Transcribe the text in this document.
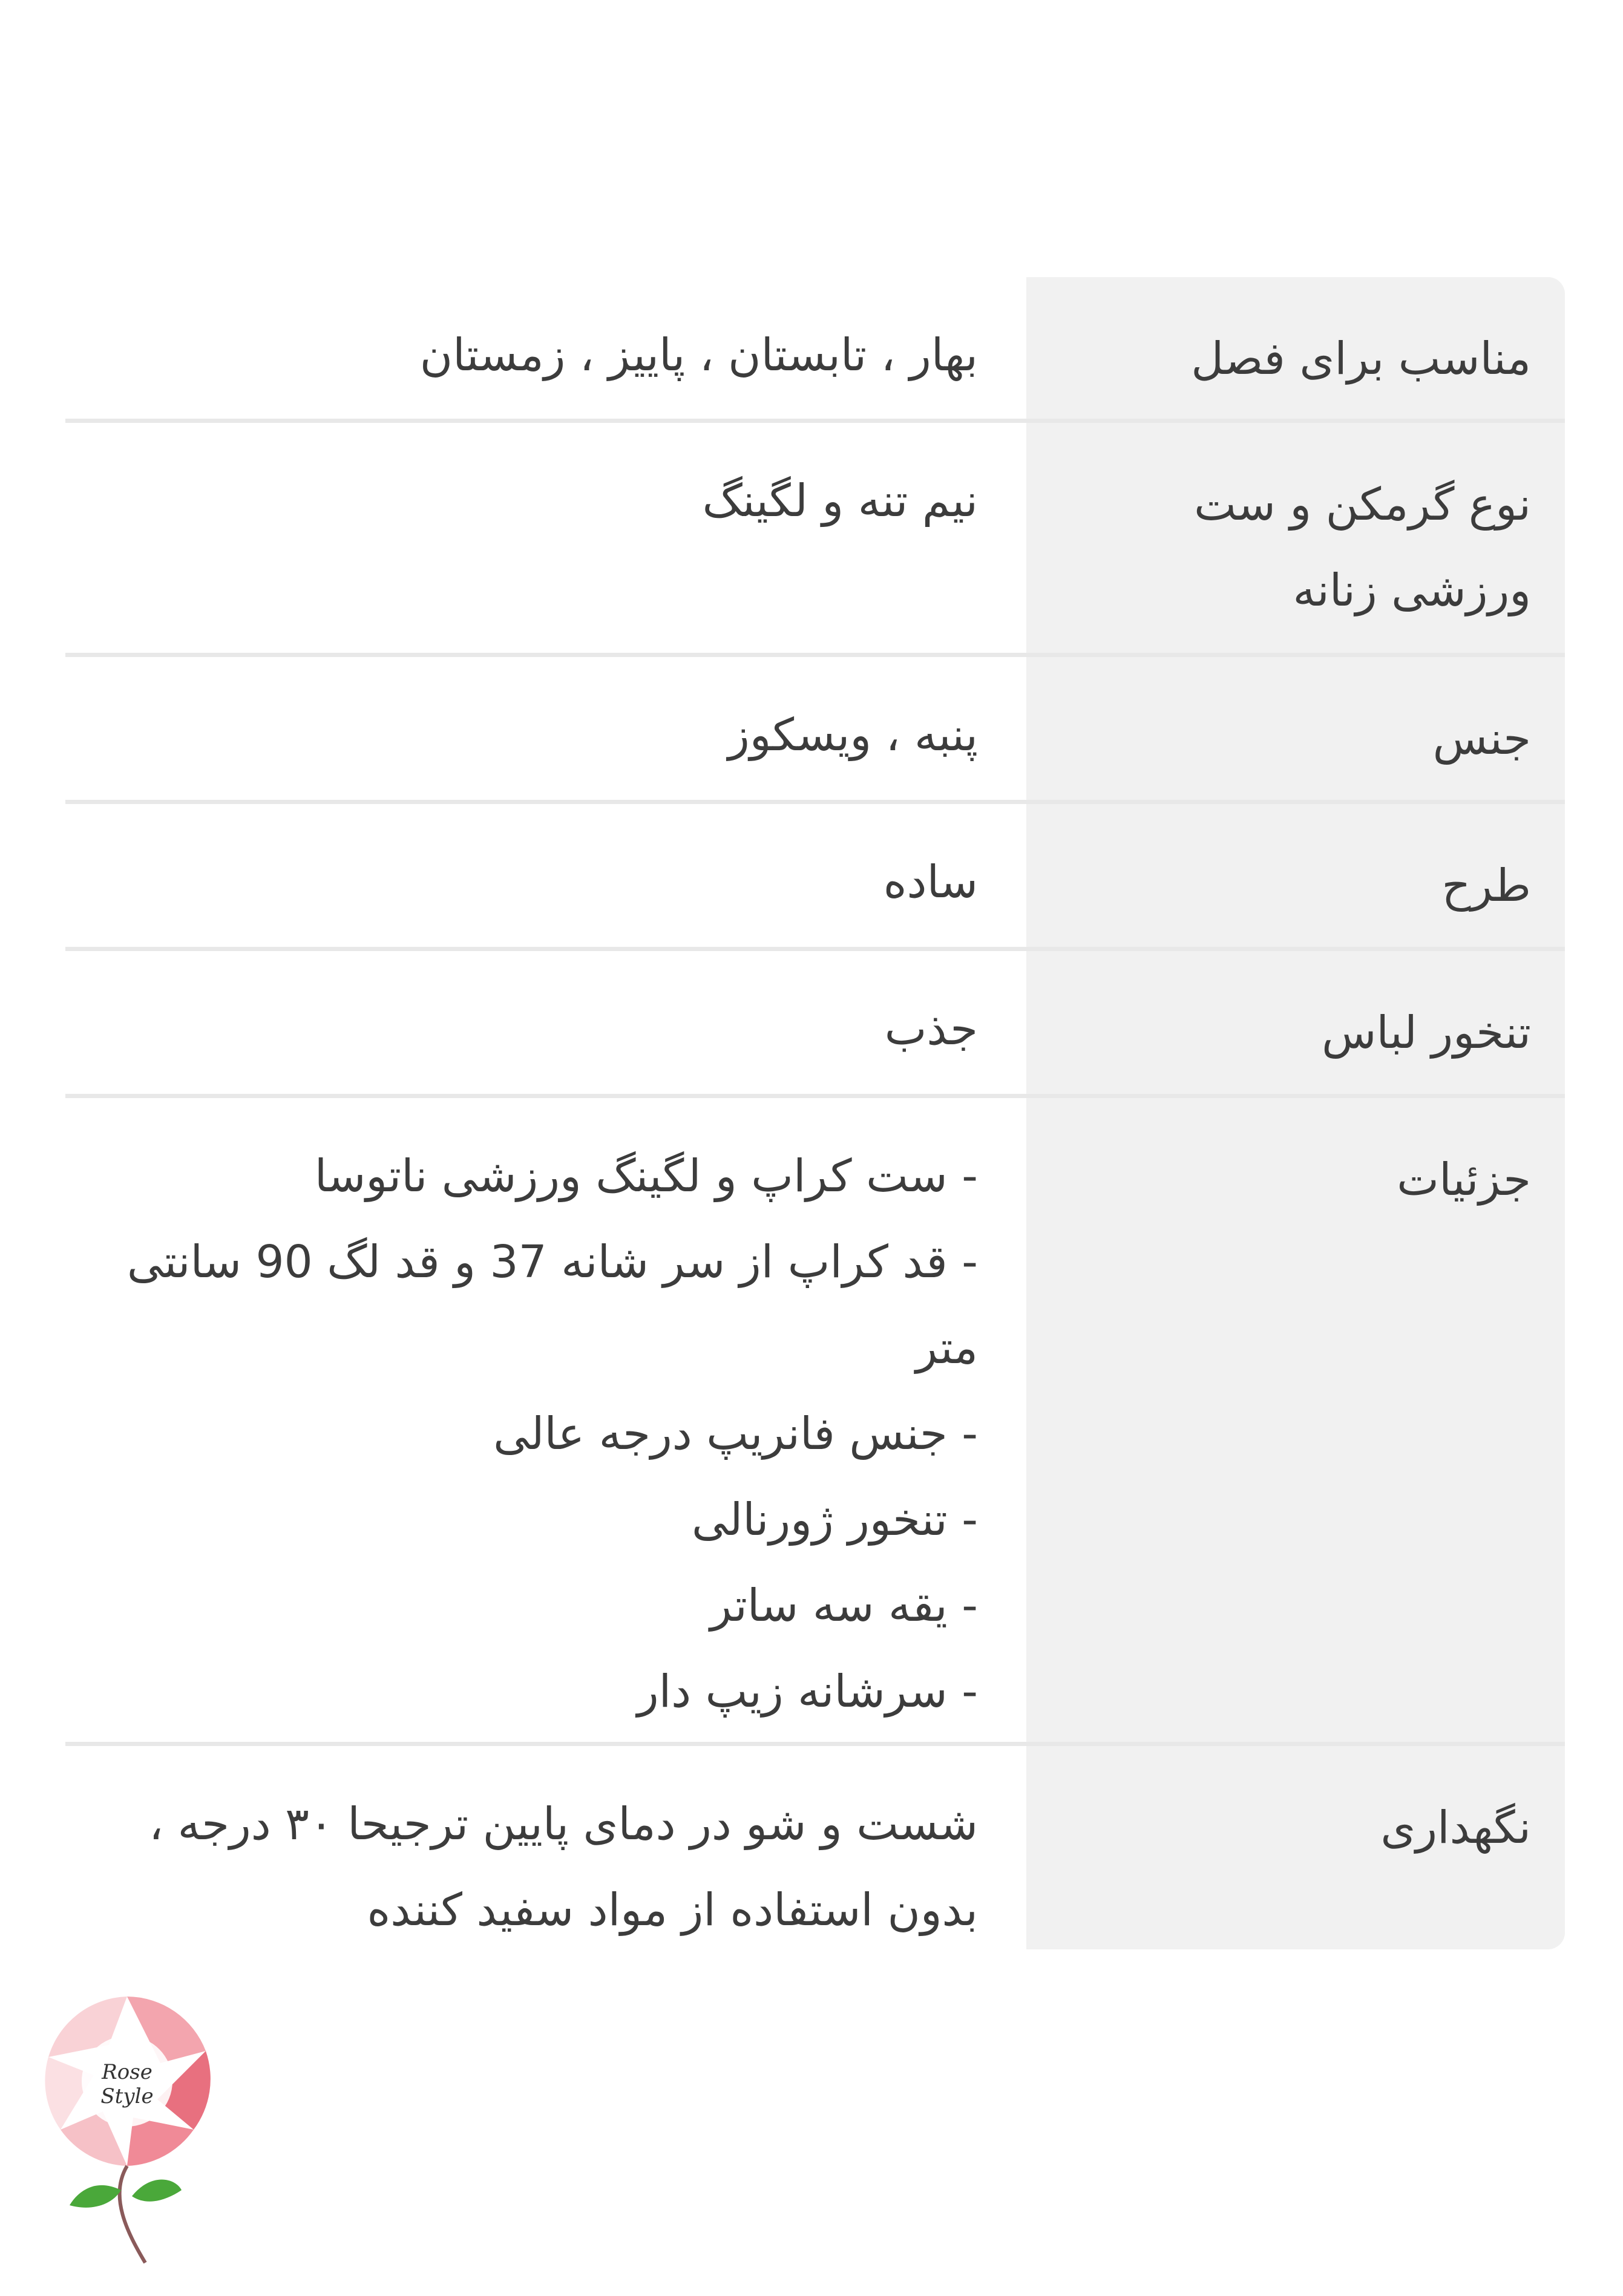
مناسب برای فصل
بهار ، تابستان ، پاییز ، زمستان
نوع گرمکن و ست ورزشی زنانه
نیم تنه و لگینگ
جنس
پنبه ، ویسکوز
طرح
ساده
تنخور لباس
جذب
جزئیات
- ست کراپ و لگینگ ورزشی ناتوسا
- قد کراپ از سر شانه 37 و قد لگ 90 سانتی متر
- جنس فانریپ درجه عالی
- تنخور ژورنالی
- یقه سه ساتر
- سرشانه زیپ دار
نگهداری
شست و شو در دمای پایین ترجیحا ۳۰ درجه ، بدون استفاده از مواد سفید کننده
Rose Style
